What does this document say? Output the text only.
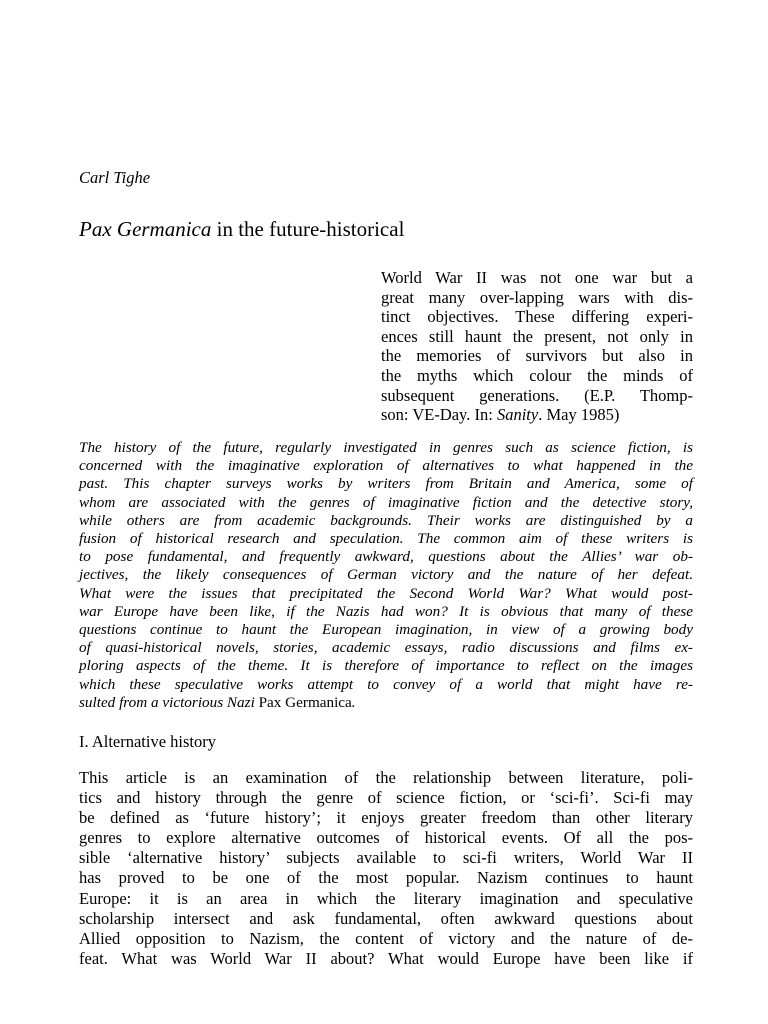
Carl Tighe

Pax Germanica in the future-historical
World War II was not one war but a
great many over-lapping wars with dis-
tinct objectives. These differing experi-
ences still haunt the present, not only in
the memories of survivors but also in
the myths which colour the minds of
subsequent generations. (E.P. Thomp-
son: VE-Day. In: Sanity. May 1985)
The history of the future, regularly investigated in genres such as science fiction, is
concerned with the imaginative exploration of alternatives to what happened in the
past. This chapter surveys works by writers from Britain and America, some of
whom are associated with the genres of imaginative fiction and the detective story,
while others are from academic backgrounds. Their works are distinguished by a
fusion of historical research and speculation. The common aim of these writers is
to pose fundamental, and frequently awkward, questions about the Allies’ war ob-
jectives, the likely consequences of German victory and the nature of her defeat.
What were the issues that precipitated the Second World War? What would post-
war Europe have been like, if the Nazis had won? It is obvious that many of these
questions continue to haunt the European imagination, in view of a growing body
of quasi-historical novels, stories, academic essays, radio discussions and films ex-
ploring aspects of the theme. It is therefore of importance to reflect on the images
which these speculative works attempt to convey of a world that might have re-
sulted from a victorious Nazi Pax Germanica.
I. Alternative history
This article is an examination of the relationship between literature, poli-
tics and history through the genre of science fiction, or ‘sci-fi’. Sci-fi may
be defined as ‘future history’; it enjoys greater freedom than other literary
genres to explore alternative outcomes of historical events. Of all the pos-
sible ‘alternative history’ subjects available to sci-fi writers, World War II
has proved to be one of the most popular. Nazism continues to haunt
Europe: it is an area in which the literary imagination and speculative
scholarship intersect and ask fundamental, often awkward questions about
Allied opposition to Nazism, the content of victory and the nature of de-
feat. What was World War II about? What would Europe have been like if
